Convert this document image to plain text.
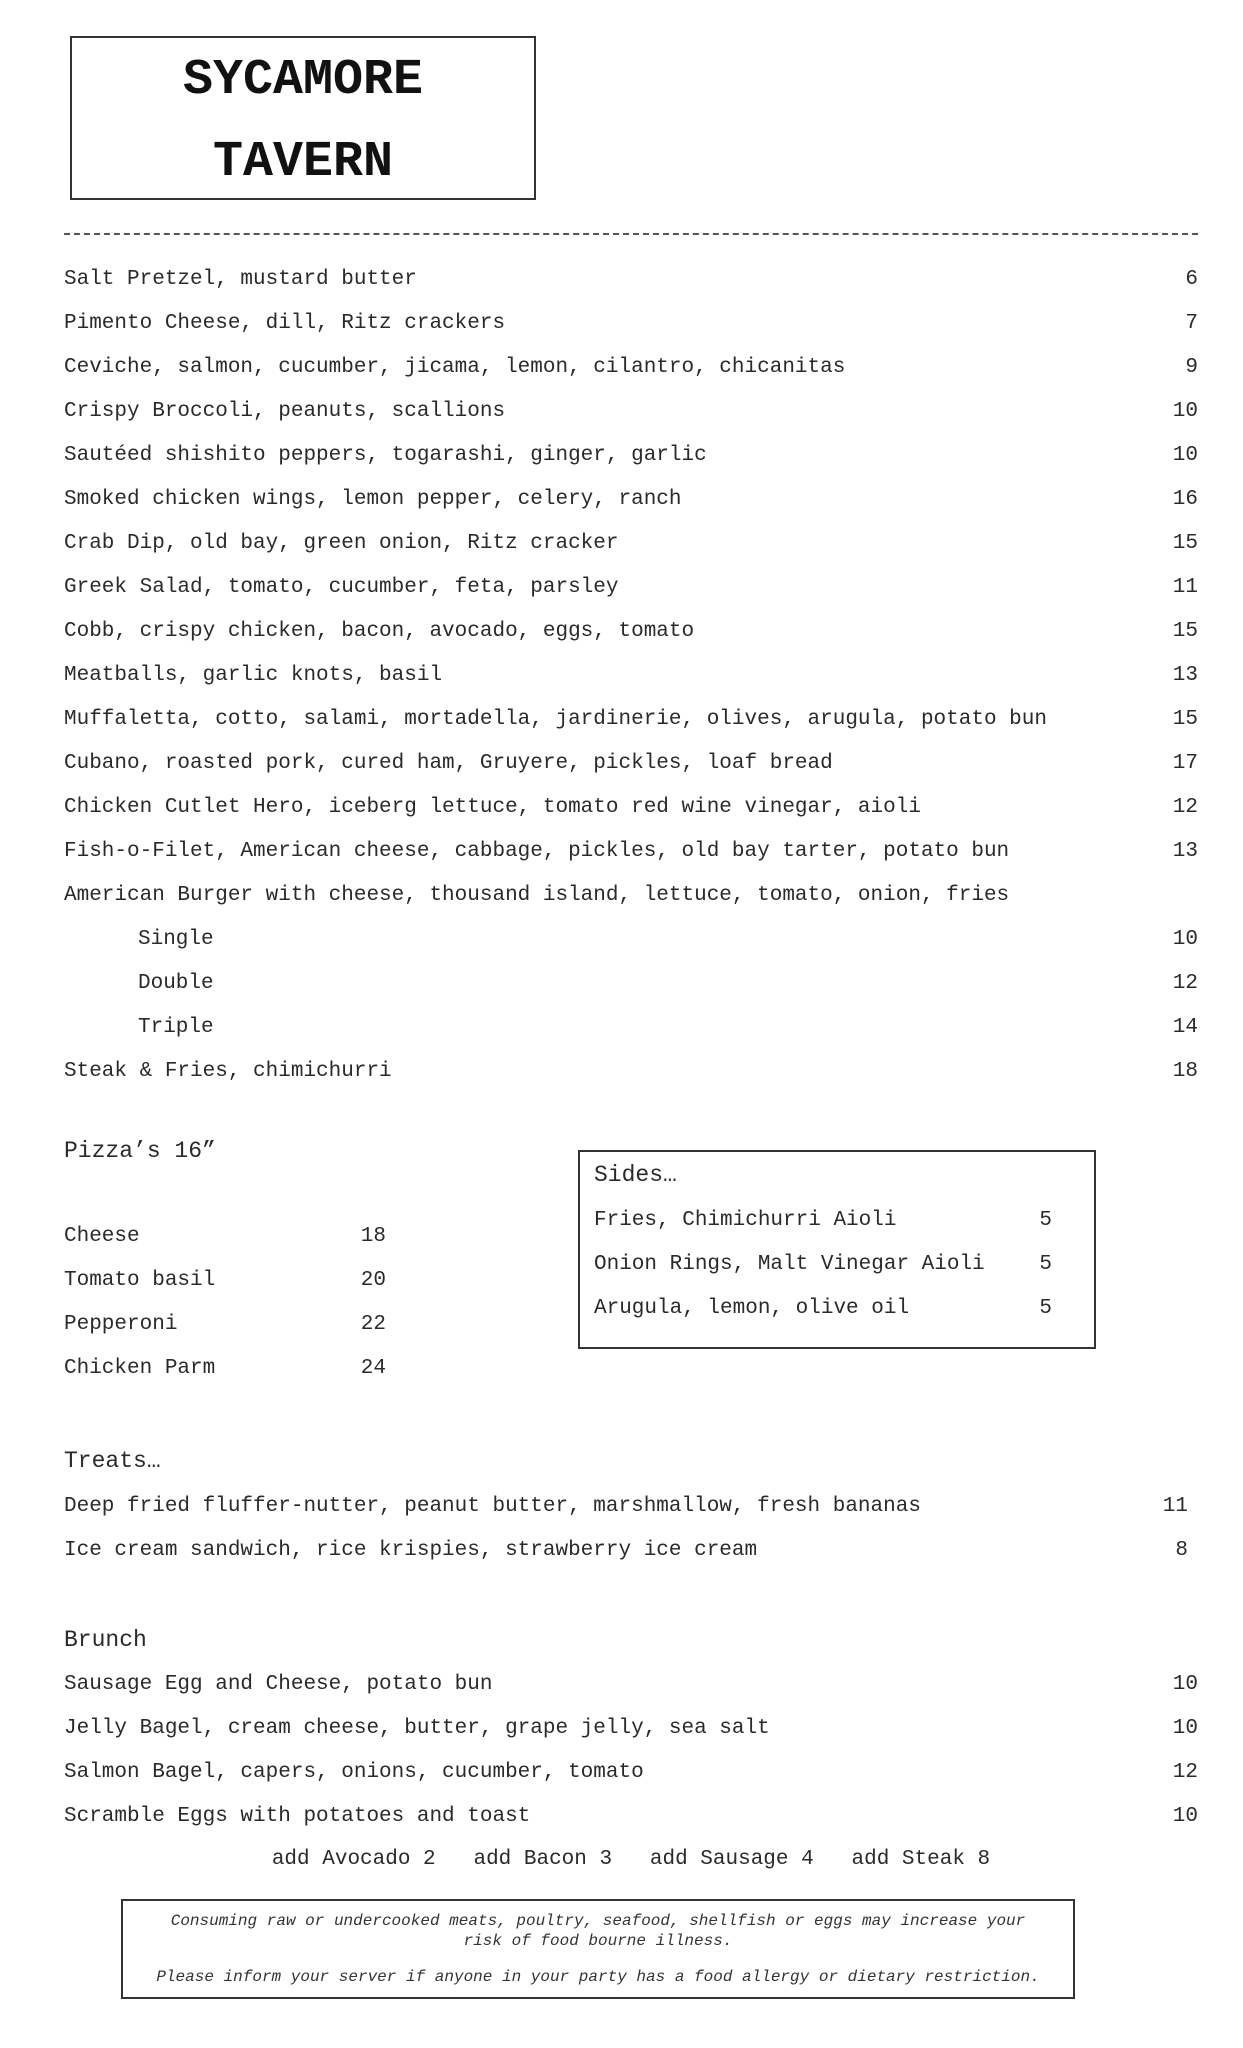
SYCAMORE
TAVERN
Salt Pretzel, mustard butter	6
Pimento Cheese, dill, Ritz crackers	7
Ceviche, salmon, cucumber, jicama, lemon, cilantro, chicanitas	9
Crispy Broccoli, peanuts, scallions	10
Sautéed shishito peppers, togarashi, ginger, garlic	10
Smoked chicken wings, lemon pepper, celery, ranch	16
Crab Dip, old bay, green onion, Ritz cracker	15
Greek Salad, tomato, cucumber, feta, parsley	11
Cobb, crispy chicken, bacon, avocado, eggs, tomato	15
Meatballs, garlic knots, basil	13
Muffaletta, cotto, salami, mortadella, jardinerie, olives, arugula, potato bun	15
Cubano, roasted pork, cured ham, Gruyere, pickles, loaf bread	17
Chicken Cutlet Hero, iceberg lettuce, tomato red wine vinegar, aioli	12
Fish-o-Filet, American cheese, cabbage, pickles, old bay tarter, potato bun	13
American Burger with cheese, thousand island, lettuce, tomato, onion, fries
Single	10
Double	12
Triple	14
Steak & Fries, chimichurri	18
Pizza’s 16”
Cheese	18
Tomato basil	20
Pepperoni	22
Chicken Parm	24
Sides…
Fries, Chimichurri Aioli	5
Onion Rings, Malt Vinegar Aioli	5
Arugula, lemon, olive oil	5
Treats…
Deep fried fluffer-nutter, peanut butter, marshmallow, fresh bananas	11
Ice cream sandwich, rice krispies, strawberry ice cream	8
Brunch
Sausage Egg and Cheese, potato bun	10
Jelly Bagel, cream cheese, butter, grape jelly, sea salt	10
Salmon Bagel, capers, onions, cucumber, tomato	12
Scramble Eggs with potatoes and toast	10
add Avocado 2   add Bacon 3   add Sausage 4   add Steak 8

Consuming raw or undercooked meats, poultry, seafood, shellfish or eggs may increase your

risk of food bourne illness.

Please inform your server if anyone in your party has a food allergy or dietary restriction.
